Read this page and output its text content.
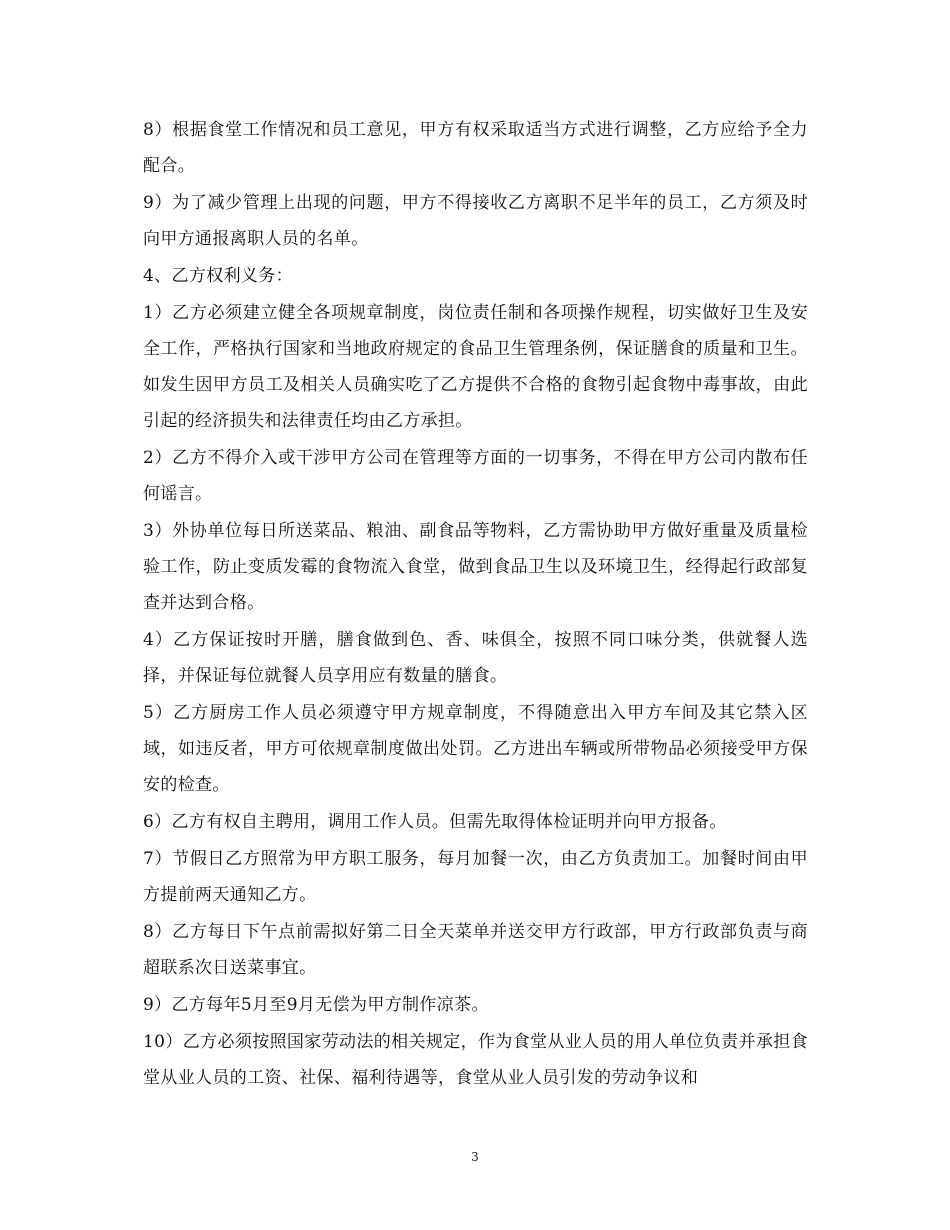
8）根据食堂工作情况和员工意见，甲方有权采取适当方式进行调整，乙方应给予全力配合。

9）为了减少管理上出现的问题，甲方不得接收乙方离职不足半年的员工，乙方须及时向甲方通报离职人员的名单。

4、乙方权利义务：

1）乙方必须建立健全各项规章制度，岗位责任制和各项操作规程，切实做好卫生及安全工作，严格执行国家和当地政府规定的食品卫生管理条例，保证膳食的质量和卫生。如发生因甲方员工及相关人员确实吃了乙方提供不合格的食物引起食物中毒事故，由此引起的经济损失和法律责任均由乙方承担。

2）乙方不得介入或干涉甲方公司在管理等方面的一切事务，不得在甲方公司内散布任何谣言。

3）外协单位每日所送菜品、粮油、副食品等物料，乙方需协助甲方做好重量及质量检验工作，防止变质发霉的食物流入食堂，做到食品卫生以及环境卫生，经得起行政部复查并达到合格。

4）乙方保证按时开膳，膳食做到色、香、味俱全，按照不同口味分类，供就餐人选择，并保证每位就餐人员享用应有数量的膳食。

5）乙方厨房工作人员必须遵守甲方规章制度，不得随意出入甲方车间及其它禁入区域，如违反者，甲方可依规章制度做出处罚。乙方进出车辆或所带物品必须接受甲方保安的检查。

6）乙方有权自主聘用，调用工作人员。但需先取得体检证明并向甲方报备。

7）节假日乙方照常为甲方职工服务，每月加餐一次，由乙方负责加工。加餐时间由甲方提前两天通知乙方。

8）乙方每日下午点前需拟好第二日全天菜单并送交甲方行政部，甲方行政部负责与商超联系次日送菜事宜。

9）乙方每年5月至9月无偿为甲方制作凉茶。

10）乙方必须按照国家劳动法的相关规定，作为食堂从业人员的用人单位负责并承担食堂从业人员的工资、社保、福利待遇等，食堂从业人员引发的劳动争议和

3
